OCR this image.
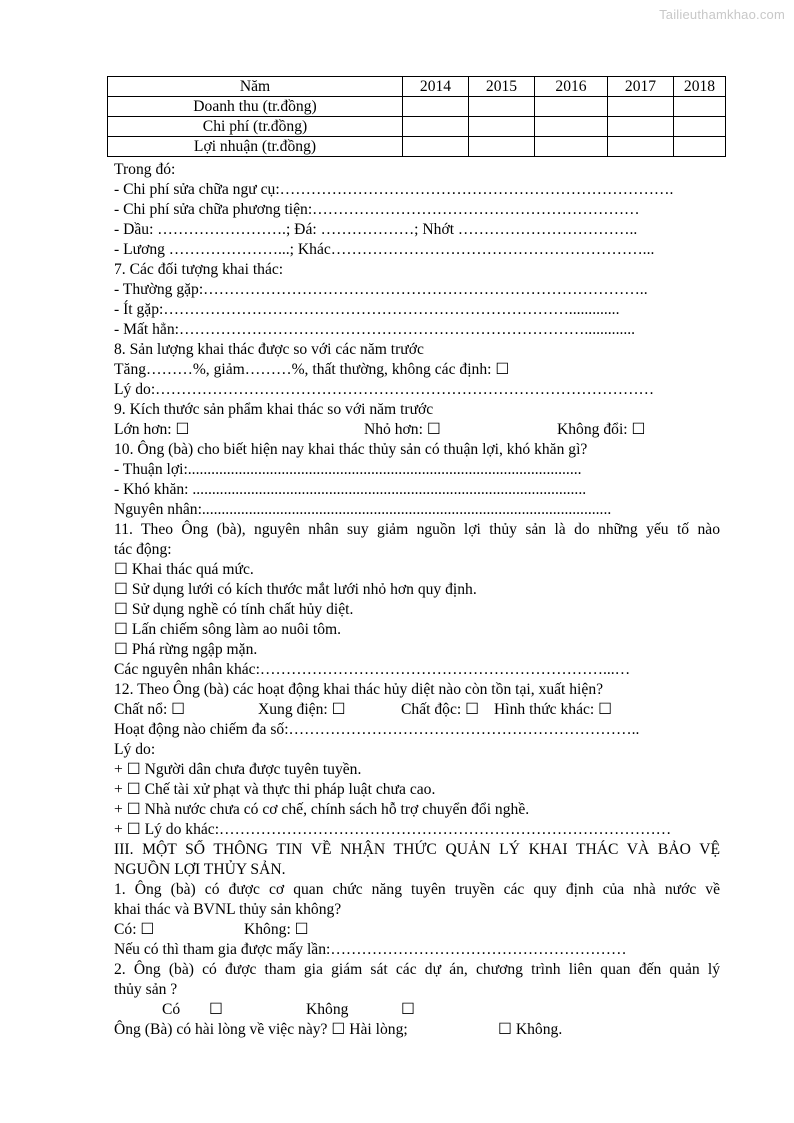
Tailieuthamkhao.com
Năm	2014	2015	2016	2017	2018
Doanh thu (tr.đồng)					
Chi phí (tr.đồng)					
Lợi nhuận (tr.đồng)					
Trong đó:
- Chi phí sửa chữa ngư cụ:………………………………………………………………….
- Chi phí sửa chữa phương tiện:………………………………………………………
- Dầu: …………………….; Đá: ………………; Nhớt ……………………………..
- Lương …………………...; Khác……………………………………………………...
7. Các đối tượng khai thác:
- Thường gặp:…………………………………………………………………………..
- Ít gặp:…………………………………………………………………….............
- Mất hẳn:…………………………………………………………………….............
8. Sản lượng khai thác được so với các năm trước
Tăng………%, giảm………%, thất thường, không các định: ☐
Lý do:……………………………………………………………………………………
9. Kích thước sản phẩm khai thác so với năm trước
Lớn hơn: ☐	Nhỏ hơn: ☐	Không đổi: ☐
10. Ông (bà) cho biết hiện nay khai thác thủy sản có thuận lợi, khó khăn gì?
- Thuận lợi:.....................................................................................................
- Khó khăn: .....................................................................................................
Nguyên nhân:.........................................................................................................
11. Theo Ông (bà), nguyên nhân suy giảm nguồn lợi thủy sản là do những yếu tố nào
tác động:
☐ Khai thác quá mức.
☐ Sử dụng lưới có kích thước mắt lưới nhỏ hơn quy định.
☐ Sử dụng nghề có tính chất hủy diệt.
☐ Lấn chiếm sông làm ao nuôi tôm.
☐ Phá rừng ngập mặn.
Các nguyên nhân khác:…………………………………………………………...…
12. Theo Ông (bà) các hoạt động khai thác hủy diệt nào còn tồn tại, xuất hiện?
Chất nổ: ☐	Xung điện: ☐	Chất độc: ☐ Hình thức khác: ☐
Hoạt động nào chiếm đa số:…………………………………………………………..
Lý do:
+ ☐ Người dân chưa được tuyên tuyền.
+ ☐ Chế tài xử phạt và thực thi pháp luật chưa cao.
+ ☐ Nhà nước chưa có cơ chế, chính sách hỗ trợ chuyển đổi nghề.
+ ☐ Lý do khác:……………………………………………………………………………
III. MỘT SỐ THÔNG TIN VỀ NHẬN THỨC QUẢN LÝ KHAI THÁC VÀ BẢO VỆ
NGUỒN LỢI THỦY SẢN.
1. Ông (bà) có được cơ quan chức năng tuyên truyền các quy định của nhà nước về
khai thác và BVNL thủy sản không?
Có: ☐	Không: ☐
Nếu có thì tham gia được mấy lần:…………………………………………………
2. Ông (bà) có được tham gia giám sát các dự án, chương trình liên quan đến quản lý
thủy sản ?
Có ☐	Không	☐
Ông (Bà) có hài lòng về việc này? ☐ Hài lòng;	☐ Không.
